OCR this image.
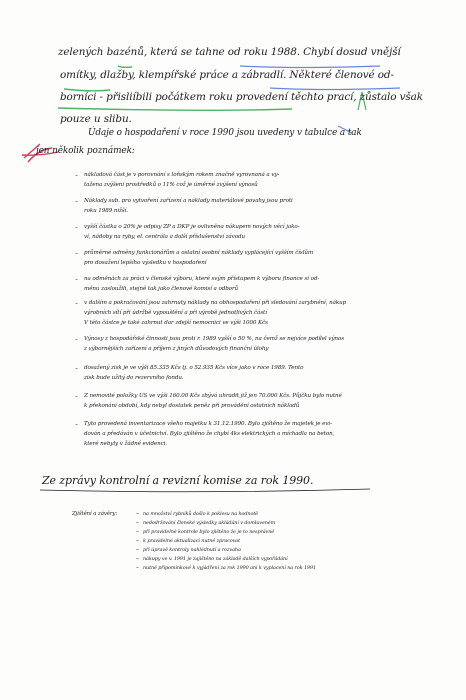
zelených bazénů, která se tahne od roku 1988. Chybí dosud vnější
omítky, dlažby, klempířské práce a zábradlí. Některé členové od-
borníci - přisliíbili počátkem roku provedení těchto prací, zůstalo však
pouze u slibu.
Údaje o hospodaření v roce 1990 jsou uvedeny v tabulce a tak
jen několik poznámek:
– nákladová část je v porovnání s loňským rokem značně vyrovnaná a vy-
tažena zvýšení prostředků o 11% což je úměrné zvýšení výnosů
– Náklady sub. pro vytvoření zařízení a náklady materiálové povahy jsou proti
roku 1989 nižší.
– vyšší částka o 20% je odpisy ZP a DKP je ovlivněna nákupem nových věcí jako-
ví, nádoby na ryby, el. centrála a další příslušenství závodu
– průměrné odměny funkcionářům a ostatní osobní náklady vyplácející vyšším číslům
pro dosažení lepšího výsledku v hospodaření
– na odměnách za práci v členské výboru, které svým přístupem k výboru finance si od-
měnu zasloužili, stejně tak jako členové komisí a odborů
– v dalším a pokračování jsou zahrnuty náklady na obhospodaření při sledování zarybnění, nákup
výrobních sítí při údržbě vypouštění a při výrobě jednotlivých částí
V této částce je také zahrnut dar zdejší nemocnici ve výši 1000 Kčs
– Výnosy z hospodářské činnosti jsou proti r. 1989 vyšší o 50 %, na čemž se nejvíce podílel výnos
z výbornějších zařízení a příjem z jiných důvodových finanční úlohy
– dosažený zisk je ve výši 85.335 Kčs tj. o 52.935 Kčs více jako v roce 1989. Tento
zisk bude užitý do rezervního fondu.
– Z nemovité položky US ve výši 160.00 Kčs zbývá uhradit již jen 70.000 Kčs. Půjčku bylo nutné
k překonání období, kdy nebyl dostatek peněz při provádění ostatních nákladů
– Tyto provedená inventarizace všeho majetku k 31.12.1990. Bylo zjištěno že majetek je evi-
dován a předáván v účetnictví. Bylo zjištěno že chybí 4ks elektrických a míchadla na beton,
které nebyly v žádné evidenci.
Ze zprávy kontrolní a revizní komise za rok 1990.
Zjištění a závěry:	– na množství rybníků došlo k poklesu na hodnotě
– nedodržování členské výsledky ukládání v domluveném
– při pravidelné kontrole bylo zjištěno že je to nesprávné
– k pravidelné aktualizaci nutné zpracovat
– při úpravě kontroly nahlédnutí a rozvaha
– nákupy ve v. 1991 je zajištěno na základě dalších vypořádání
– nutné připomínkové k vyjádření za rok 1990 ani k vyplacení na rok 1991
